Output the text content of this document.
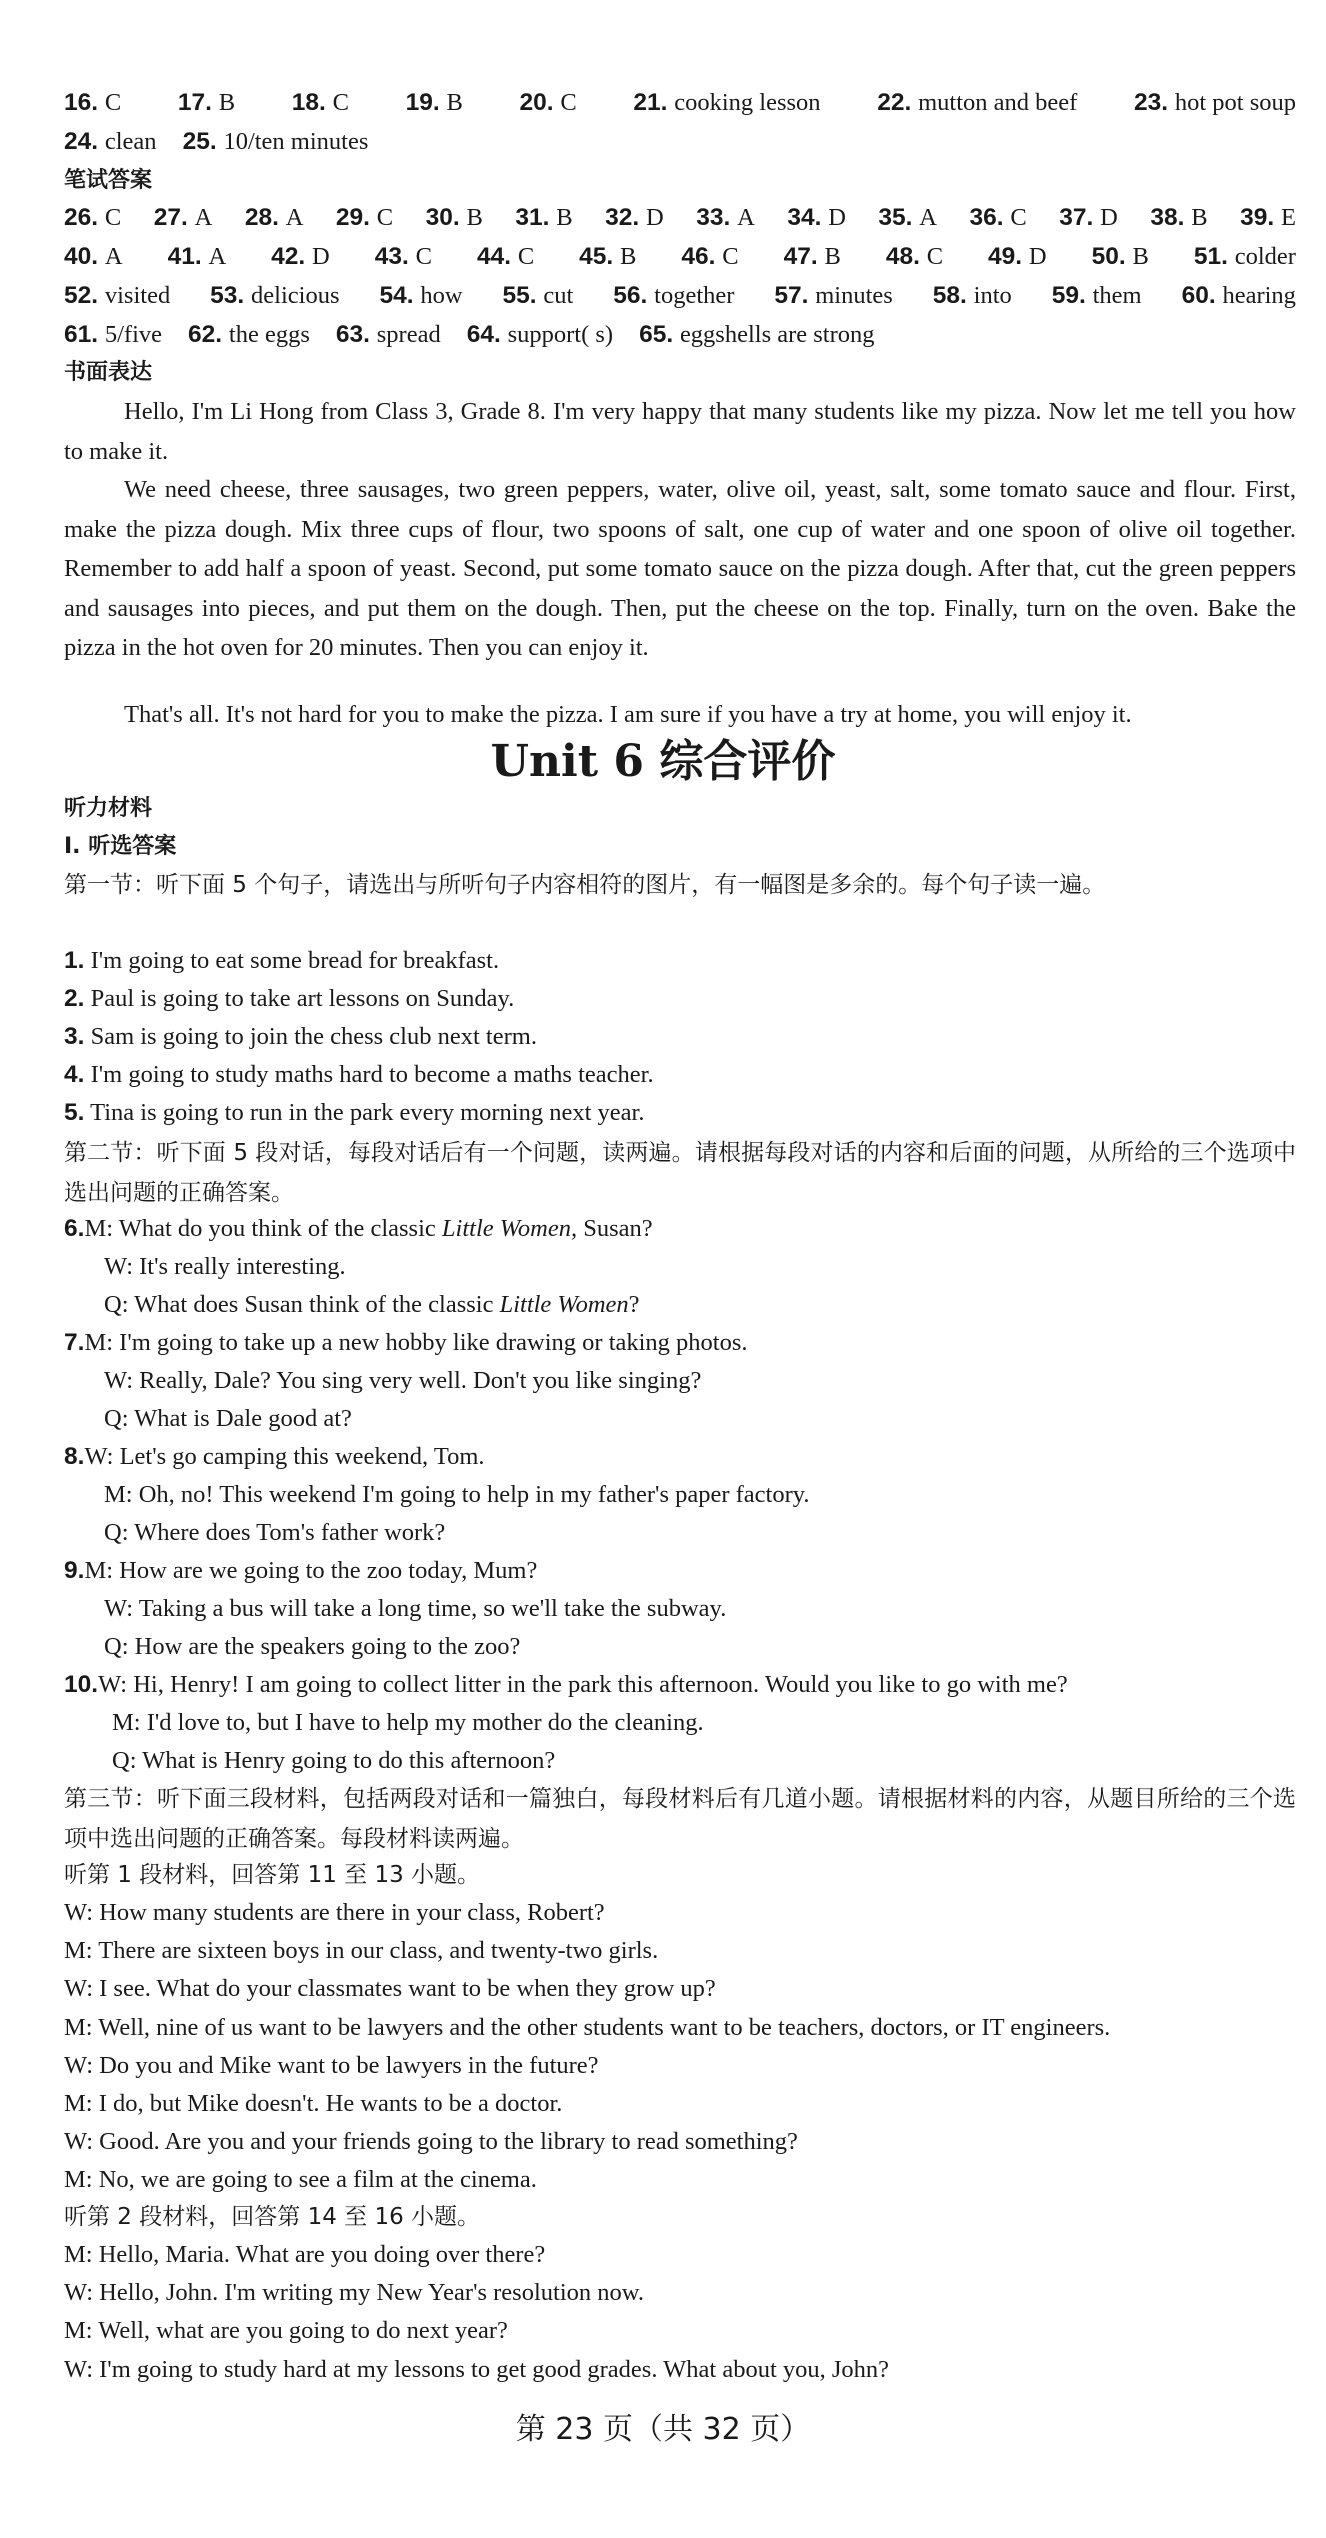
16. C 17. B 18. C 19. B 20. C 21. cooking lesson 22. mutton and beef 23. hot pot soup
24. clean 25. 10/ten minutes
笔试答案
26. C 27. A 28. A 29. C 30. B 31. B 32. D 33. A 34. D 35. A 36. C 37. D 38. B 39. E
40. A 41. A 42. D 43. C 44. C 45. B 46. C 47. B 48. C 49. D 50. B 51. colder
52. visited 53. delicious 54. how 55. cut 56. together 57. minutes 58. into 59. them 60. hearing
61. 5/five 62. the eggs 63. spread 64. support( s) 65. eggshells are strong
书面表达
Hello, I'm Li Hong from Class 3, Grade 8. I'm very happy that many students like my pizza. Now let me tell you how to make it.
We need cheese, three sausages, two green peppers, water, olive oil, yeast, salt, some tomato sauce and flour. First, make the pizza dough. Mix three cups of flour, two spoons of salt, one cup of water and one spoon of olive oil together. Remember to add half a spoon of yeast. Second, put some tomato sauce on the pizza dough. After that, cut the green peppers and sausages into pieces, and put them on the dough. Then, put the cheese on the top. Finally, turn on the oven. Bake the pizza in the hot oven for 20 minutes. Then you can enjoy it.
That's all. It's not hard for you to make the pizza. I am sure if you have a try at home, you will enjoy it.
Unit 6 综合评价
听力材料
Ⅰ. 听选答案
第一节：听下面 5 个句子，请选出与所听句子内容相符的图片，有一幅图是多余的。每个句子读一遍。
1. I'm going to eat some bread for breakfast.
2. Paul is going to take art lessons on Sunday.
3. Sam is going to join the chess club next term.
4. I'm going to study maths hard to become a maths teacher.
5. Tina is going to run in the park every morning next year.
第二节：听下面 5 段对话，每段对话后有一个问题，读两遍。请根据每段对话的内容和后面的问题，从所给的三个选项中选出问题的正确答案。
6.M: What do you think of the classic Little Women, Susan?
W: It's really interesting.
Q: What does Susan think of the classic Little Women?
7.M: I'm going to take up a new hobby like drawing or taking photos.
W: Really, Dale? You sing very well. Don't you like singing?
Q: What is Dale good at?
8.W: Let's go camping this weekend, Tom.
M: Oh, no! This weekend I'm going to help in my father's paper factory.
Q: Where does Tom's father work?
9.M: How are we going to the zoo today, Mum?
W: Taking a bus will take a long time, so we'll take the subway.
Q: How are the speakers going to the zoo?
10.W: Hi, Henry! I am going to collect litter in the park this afternoon. Would you like to go with me?
M: I'd love to, but I have to help my mother do the cleaning.
Q: What is Henry going to do this afternoon?
第三节：听下面三段材料，包括两段对话和一篇独白，每段材料后有几道小题。请根据材料的内容，从题目所给的三个选项中选出问题的正确答案。每段材料读两遍。
听第 1 段材料，回答第 11 至 13 小题。
W: How many students are there in your class, Robert?
M: There are sixteen boys in our class, and twenty-two girls.
W: I see. What do your classmates want to be when they grow up?
M: Well, nine of us want to be lawyers and the other students want to be teachers, doctors, or IT engineers.
W: Do you and Mike want to be lawyers in the future?
M: I do, but Mike doesn't. He wants to be a doctor.
W: Good. Are you and your friends going to the library to read something?
M: No, we are going to see a film at the cinema.
听第 2 段材料，回答第 14 至 16 小题。
M: Hello, Maria. What are you doing over there?
W: Hello, John. I'm writing my New Year's resolution now.
M: Well, what are you going to do next year?
W: I'm going to study hard at my lessons to get good grades. What about you, John?
第 23 页（共 32 页）
